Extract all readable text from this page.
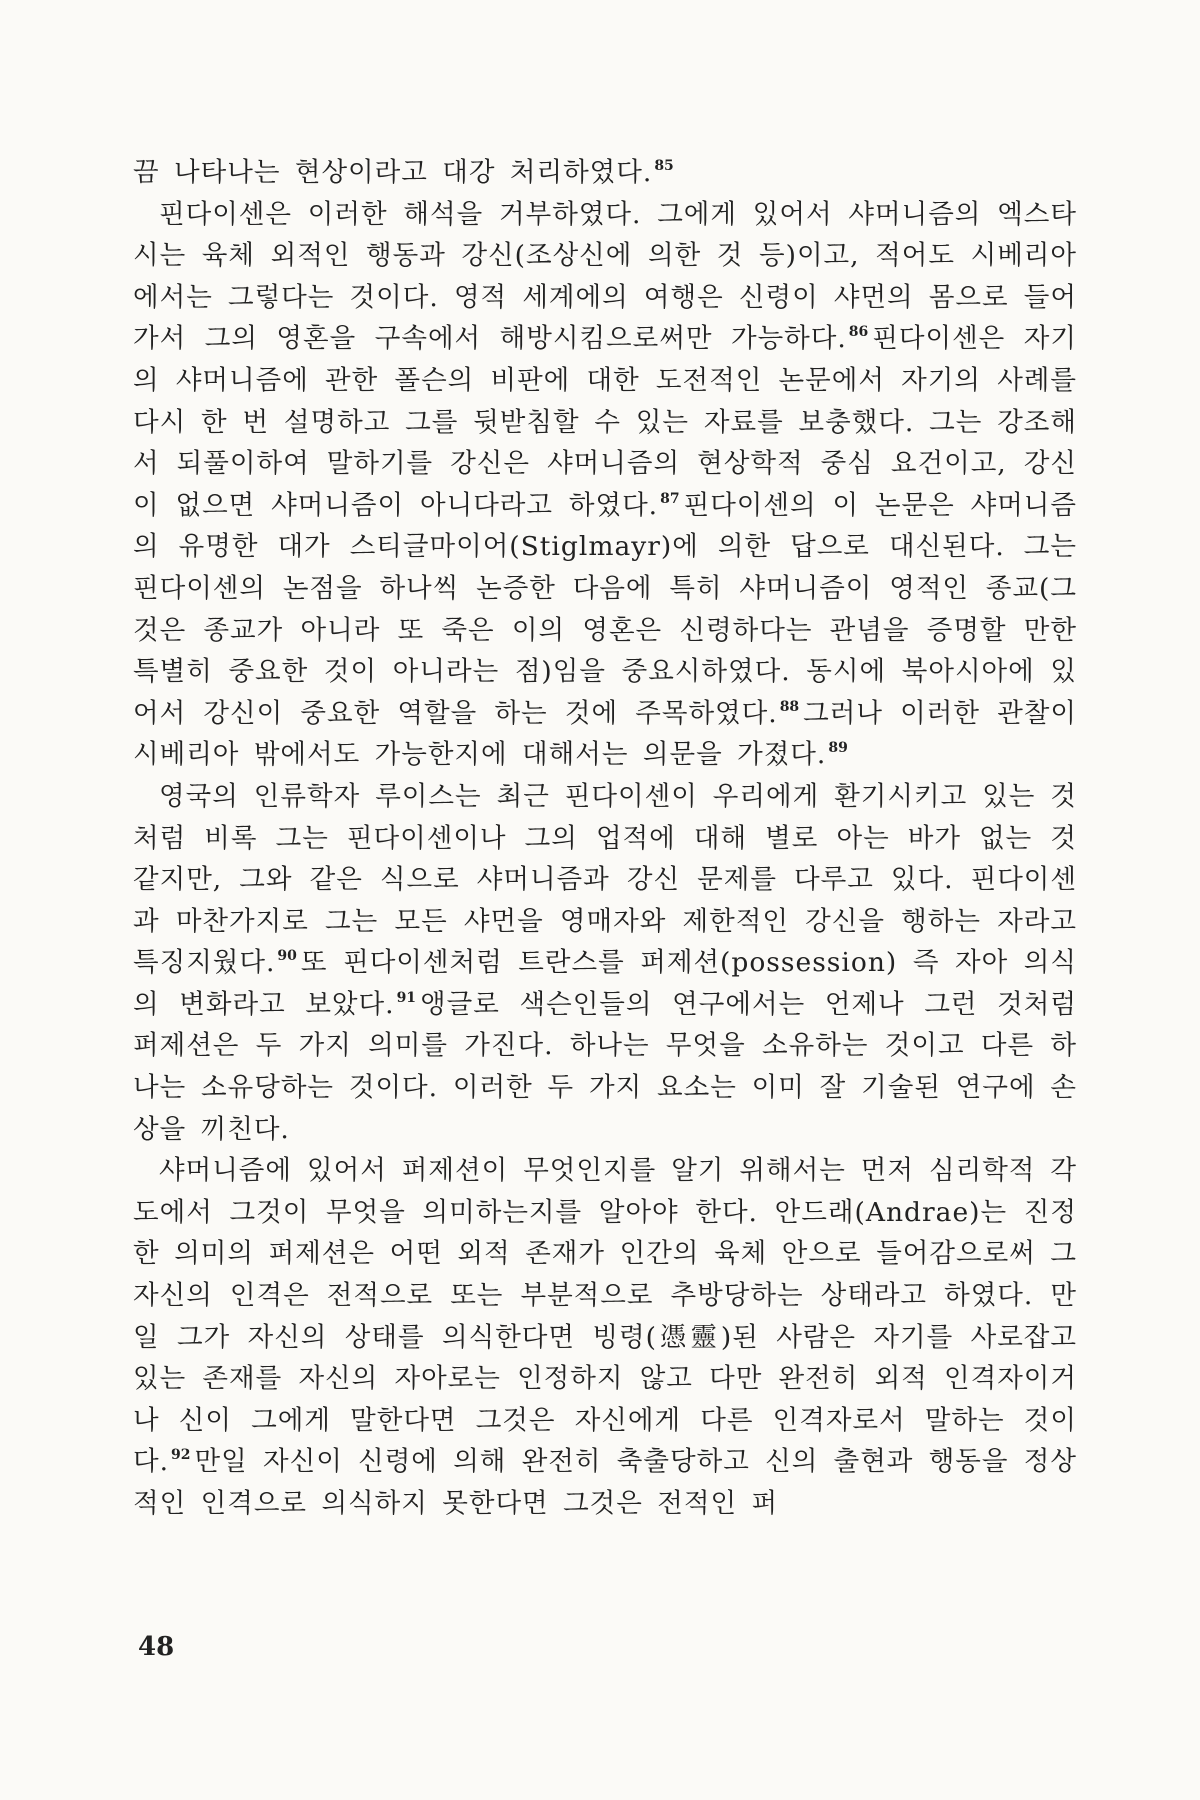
끔 나타나는 현상이라고 대강 처리하였다. $^{85}$

핀다이센은 이러한 해석을 거부하였다. 그에게 있어서 샤머니즘의 엑스타시는 육체 외적인 행동과 강신(조상신에 의한 것 등)이고, 적어도 시베리아에서는 그렇다는 것이다. 영적 세계에의 여행은 신령이 샤먼의 몸으로 들어가서 그의 영혼을 구속에서 해방시킴으로써만 가능하다. $^{86}$ 핀다이센은 자기의 샤머니즘에 관한 폴슨의 비판에 대한 도전적인 논문에서 자기의 사례를 다시 한 번 설명하고 그를 뒷받침할 수 있는 자료를 보충했다. 그는 강조해서 되풀이하여 말하기를 강신은 샤머니즘의 현상학적 중심 요건이고, 강신이 없으면 샤머니즘이 아니다라고 하였다. $^{87}$ 핀다이센의 이 논문은 샤머니즘의 유명한 대가 스티글마이어(Stiglmayr)에 의한 답으로 대신된다. 그는 핀다이센의 논점을 하나씩 논증한 다음에 특히 샤머니즘이 영적인 종교(그것은 종교가 아니라 또 죽은 이의 영혼은 신령하다는 관념을 증명할 만한 특별히 중요한 것이 아니라는 점)임을 중요시하였다. 동시에 북아시아에 있어서 강신이 중요한 역할을 하는 것에 주목하였다. $^{88}$ 그러나 이러한 관찰이 시베리아 밖에서도 가능한지에 대해서는 의문을 가졌다. $^{89}$

영국의 인류학자 루이스는 최근 핀다이센이 우리에게 환기시키고 있는 것처럼 비록 그는 핀다이센이나 그의 업적에 대해 별로 아는 바가 없는 것 같지만, 그와 같은 식으로 샤머니즘과 강신 문제를 다루고 있다. 핀다이센과 마찬가지로 그는 모든 샤먼을 영매자와 제한적인 강신을 행하는 자라고 특징지웠다. $^{90}$ 또 핀다이센처럼 트란스를 퍼제션(possession) 즉 자아 의식의 변화라고 보았다. $^{91}$ 앵글로 색슨인들의 연구에서는 언제나 그런 것처럼 퍼제션은 두 가지 의미를 가진다. 하나는 무엇을 소유하는 것이고 다른 하나는 소유당하는 것이다. 이러한 두 가지 요소는 이미 잘 기술된 연구에 손상을 끼친다.

샤머니즘에 있어서 퍼제션이 무엇인지를 알기 위해서는 먼저 심리학적 각도에서 그것이 무엇을 의미하는지를 알아야 한다. 안드래(Andrae)는 진정한 의미의 퍼제션은 어떤 외적 존재가 인간의 육체 안으로 들어감으로써 그 자신의 인격은 전적으로 또는 부분적으로 추방당하는 상태라고 하였다. 만일 그가 자신의 상태를 의식한다면 빙령(憑靈)된 사람은 자기를 사로잡고 있는 존재를 자신의 자아로는 인정하지 않고 다만 완전히 외적 인격자이거나 신이 그에게 말한다면 그것은 자신에게 다른 인격자로서 말하는 것이다. $^{92}$ 만일 자신이 신령에 의해 완전히 축출당하고 신의 출현과 행동을 정상적인 인격으로 의식하지 못한다면 그것은 전적인 퍼

48
